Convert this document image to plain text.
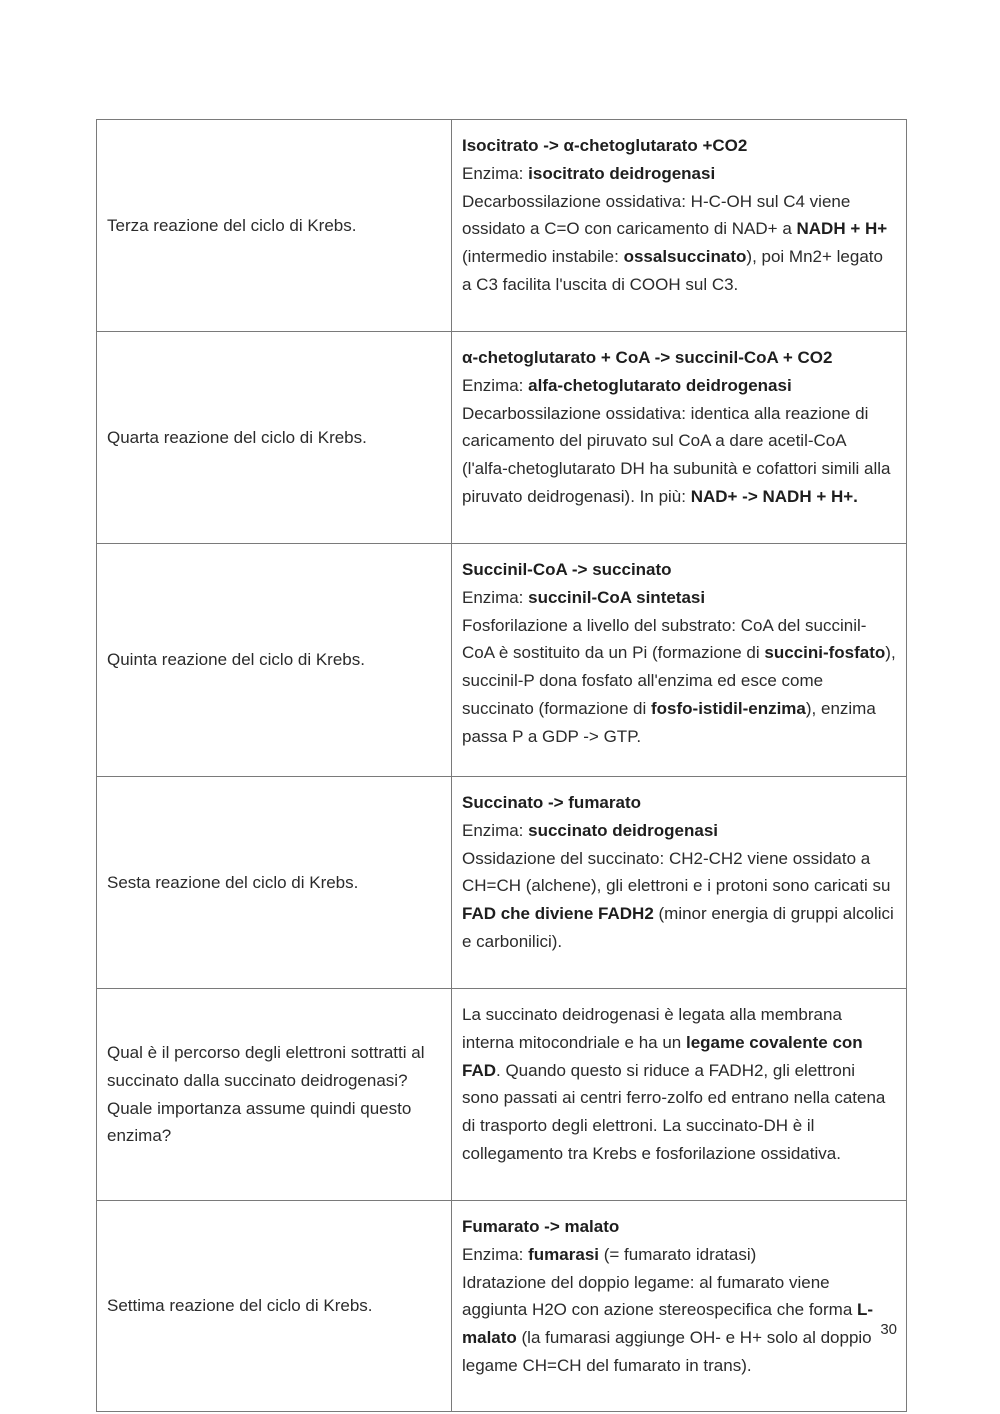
Terza reazione del ciclo di Krebs.	Isocitrato -> α-chetoglutarato +CO2

Enzima: isocitrato deidrogenasi

Decarbossilazione ossidativa: H-C-OH sul C4 viene ossidato a C=O con caricamento di NAD+ a NADH + H+ (intermedio instabile: ossalsuccinato), poi Mn2+ legato a C3 facilita l'uscita di COOH sul C3.

Quarta reazione del ciclo di Krebs.	α-chetoglutarato + CoA -> succinil-CoA + CO2

Enzima: alfa-chetoglutarato deidrogenasi

Decarbossilazione ossidativa: identica alla reazione di caricamento del piruvato sul CoA a dare acetil-CoA (l'alfa-chetoglutarato DH ha subunità e cofattori simili alla piruvato deidrogenasi). In più: NAD+ -> NADH + H+.

Quinta reazione del ciclo di Krebs.	Succinil-CoA -> succinato

Enzima: succinil-CoA sintetasi

Fosforilazione a livello del substrato: CoA del succinil-CoA è sostituito da un Pi (formazione di succini-fosfato), succinil-P dona fosfato all'enzima ed esce come succinato (formazione di fosfo-istidil-enzima), enzima passa P a GDP -> GTP.

Sesta reazione del ciclo di Krebs.	Succinato -> fumarato

Enzima: succinato deidrogenasi

Ossidazione del succinato: CH2-CH2 viene ossidato a CH=CH (alchene), gli elettroni e i protoni sono caricati su FAD che diviene FADH2 (minor energia di gruppi alcolici e carbonilici).

Qual è il percorso degli elettroni sottratti al succinato dalla succinato deidrogenasi? Quale importanza assume quindi questo enzima?	La succinato deidrogenasi è legata alla membrana interna mitocondriale e ha un legame covalente con FAD. Quando questo si riduce a FADH2, gli elettroni sono passati ai centri ferro-zolfo ed entrano nella catena di trasporto degli elettroni. La succinato-DH è il collegamento tra Krebs e fosforilazione ossidativa.

Settima reazione del ciclo di Krebs.	Fumarato -> malato

Enzima: fumarasi (= fumarato idratasi)

Idratazione del doppio legame: al fumarato viene aggiunta H2O con azione stereospecifica che forma L-malato (la fumarasi aggiunge OH- e H+ solo al doppio legame CH=CH del fumarato in trans).

30
